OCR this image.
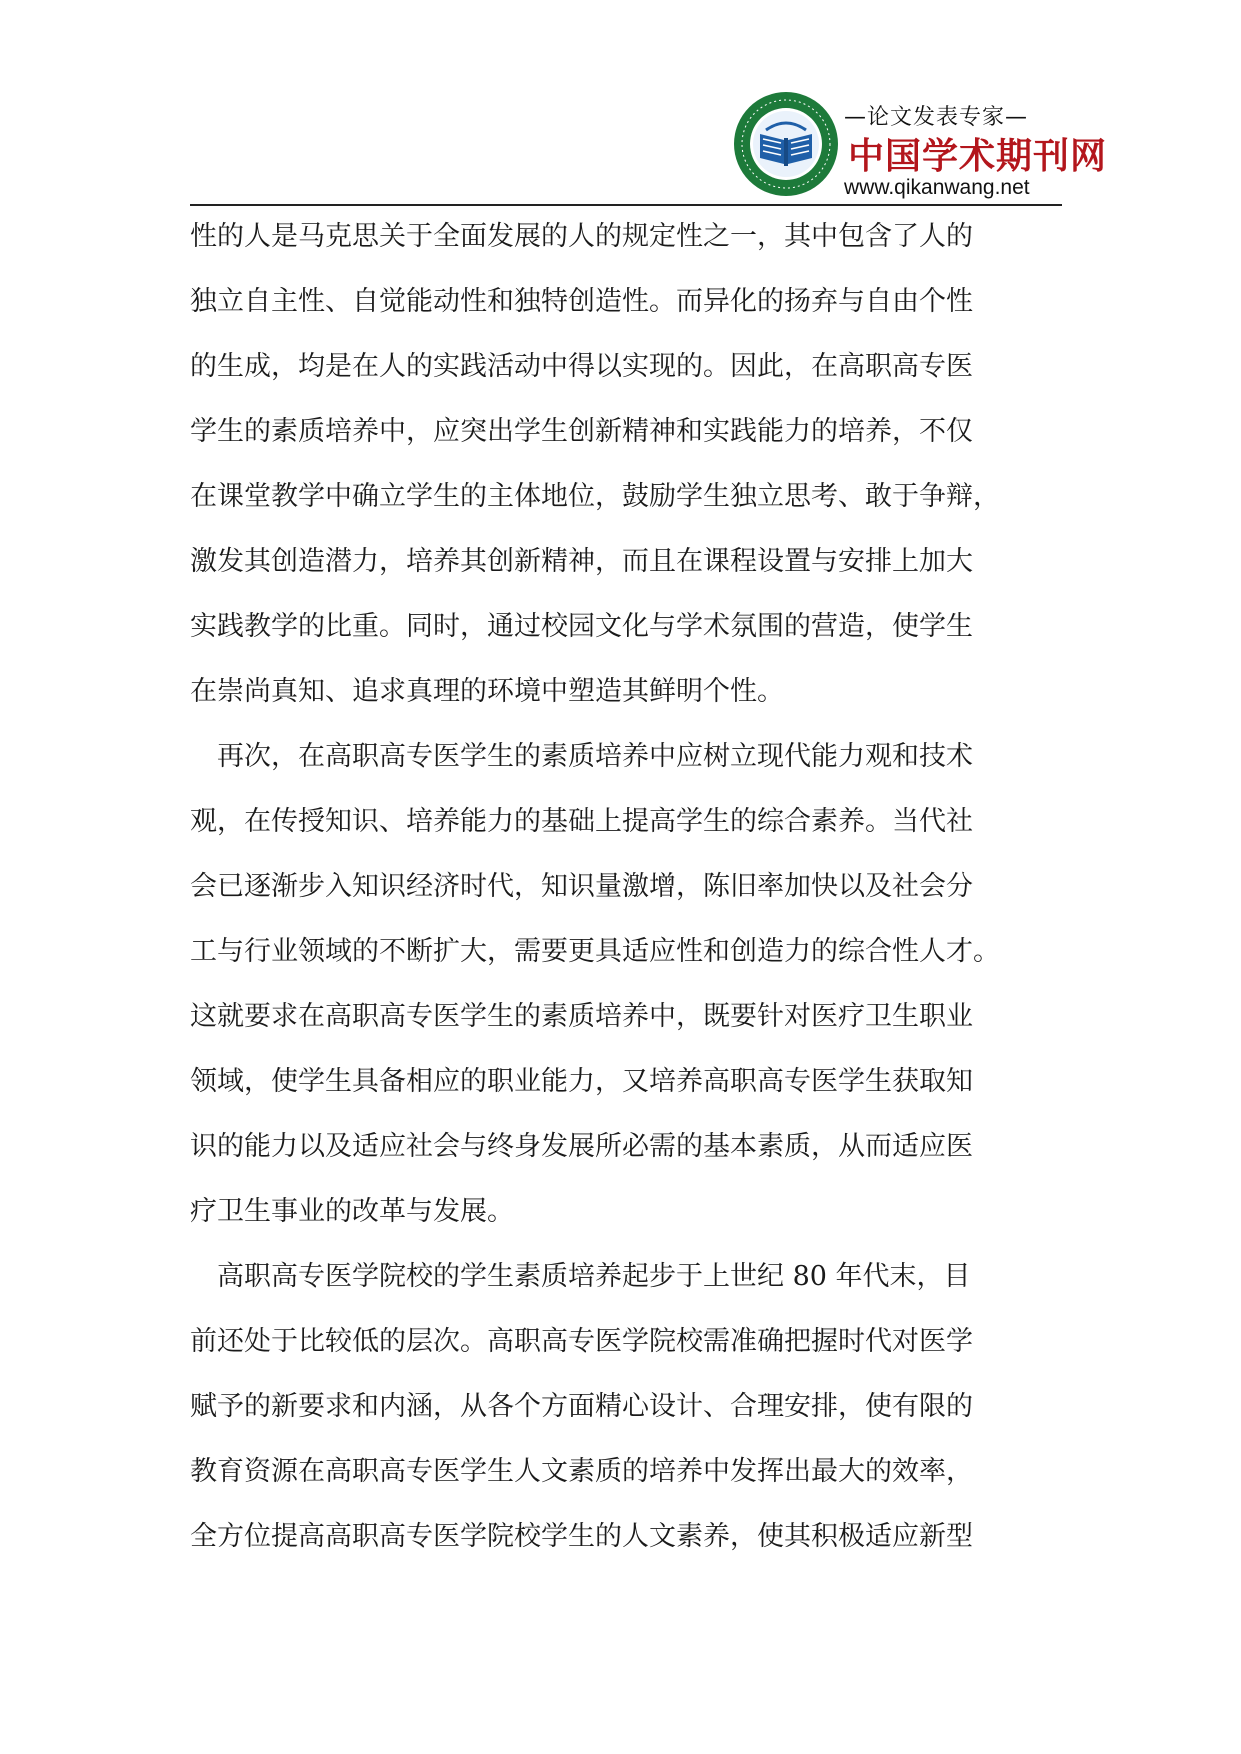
—论文发表专家—
中国学术期刊网
www.qikanwang.net
性的人是马克思关于全面发展的人的规定性之一，其中包含了人的
独立自主性、自觉能动性和独特创造性。而异化的扬弃与自由个性
的生成，均是在人的实践活动中得以实现的。因此，在高职高专医
学生的素质培养中，应突出学生创新精神和实践能力的培养，不仅
在课堂教学中确立学生的主体地位，鼓励学生独立思考、敢于争辩，
激发其创造潜力，培养其创新精神，而且在课程设置与安排上加大
实践教学的比重。同时，通过校园文化与学术氛围的营造，使学生
在崇尚真知、追求真理的环境中塑造其鲜明个性。
　再次，在高职高专医学生的素质培养中应树立现代能力观和技术
观，在传授知识、培养能力的基础上提高学生的综合素养。当代社
会已逐渐步入知识经济时代，知识量激增，陈旧率加快以及社会分
工与行业领域的不断扩大，需要更具适应性和创造力的综合性人才。
这就要求在高职高专医学生的素质培养中，既要针对医疗卫生职业
领域，使学生具备相应的职业能力，又培养高职高专医学生获取知
识的能力以及适应社会与终身发展所必需的基本素质，从而适应医
疗卫生事业的改革与发展。
　高职高专医学院校的学生素质培养起步于上世纪 80 年代末，目
前还处于比较低的层次。高职高专医学院校需准确把握时代对医学
赋予的新要求和内涵，从各个方面精心设计、合理安排，使有限的
教育资源在高职高专医学生人文素质的培养中发挥出最大的效率，
全方位提高高职高专医学院校学生的人文素养，使其积极适应新型
